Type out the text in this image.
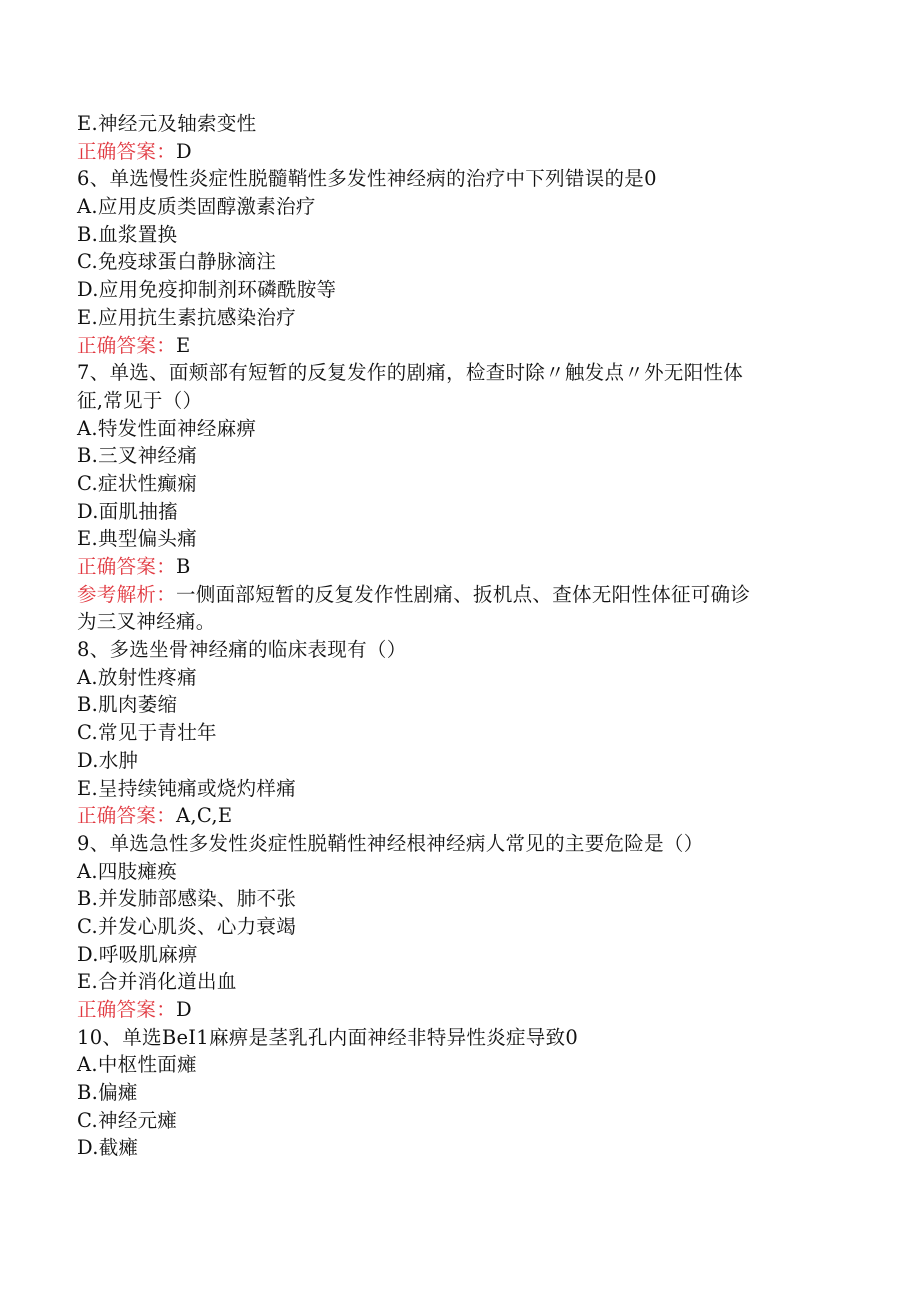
E.神经元及轴索变性
正确答案：D
6、单选慢性炎症性脱髓鞘性多发性神经病的治疗中下列错误的是0
A.应用皮质类固醇激素治疗
B.血浆置换
C.免疫球蛋白静脉滴注
D.应用免疫抑制剂环磷酰胺等
E.应用抗生素抗感染治疗
正确答案：E
7、单选、面颊部有短暂的反复发作的剧痛，检查时除〃触发点〃外无阳性体
征,常见于（）
A.特发性面神经麻痹
B.三叉神经痛
C.症状性癫痫
D.面肌抽搐
E.典型偏头痛
正确答案：B
参考解析：一侧面部短暂的反复发作性剧痛、扳机点、查体无阳性体征可确诊
为三叉神经痛。
8、多选坐骨神经痛的临床表现有（）
A.放射性疼痛
B.肌肉萎缩
C.常见于青壮年
D.水肿
E.呈持续钝痛或烧灼样痛
正确答案：A,C,E
9、单选急性多发性炎症性脱鞘性神经根神经病人常见的主要危险是（）
A.四肢瘫痪
B.并发肺部感染、肺不张
C.并发心肌炎、心力衰竭
D.呼吸肌麻痹
E.合并消化道出血
正确答案：D
10、单选BeI1麻痹是茎乳孔内面神经非特异性炎症导致0
A.中枢性面瘫
B.偏瘫
C.神经元瘫
D.截瘫
